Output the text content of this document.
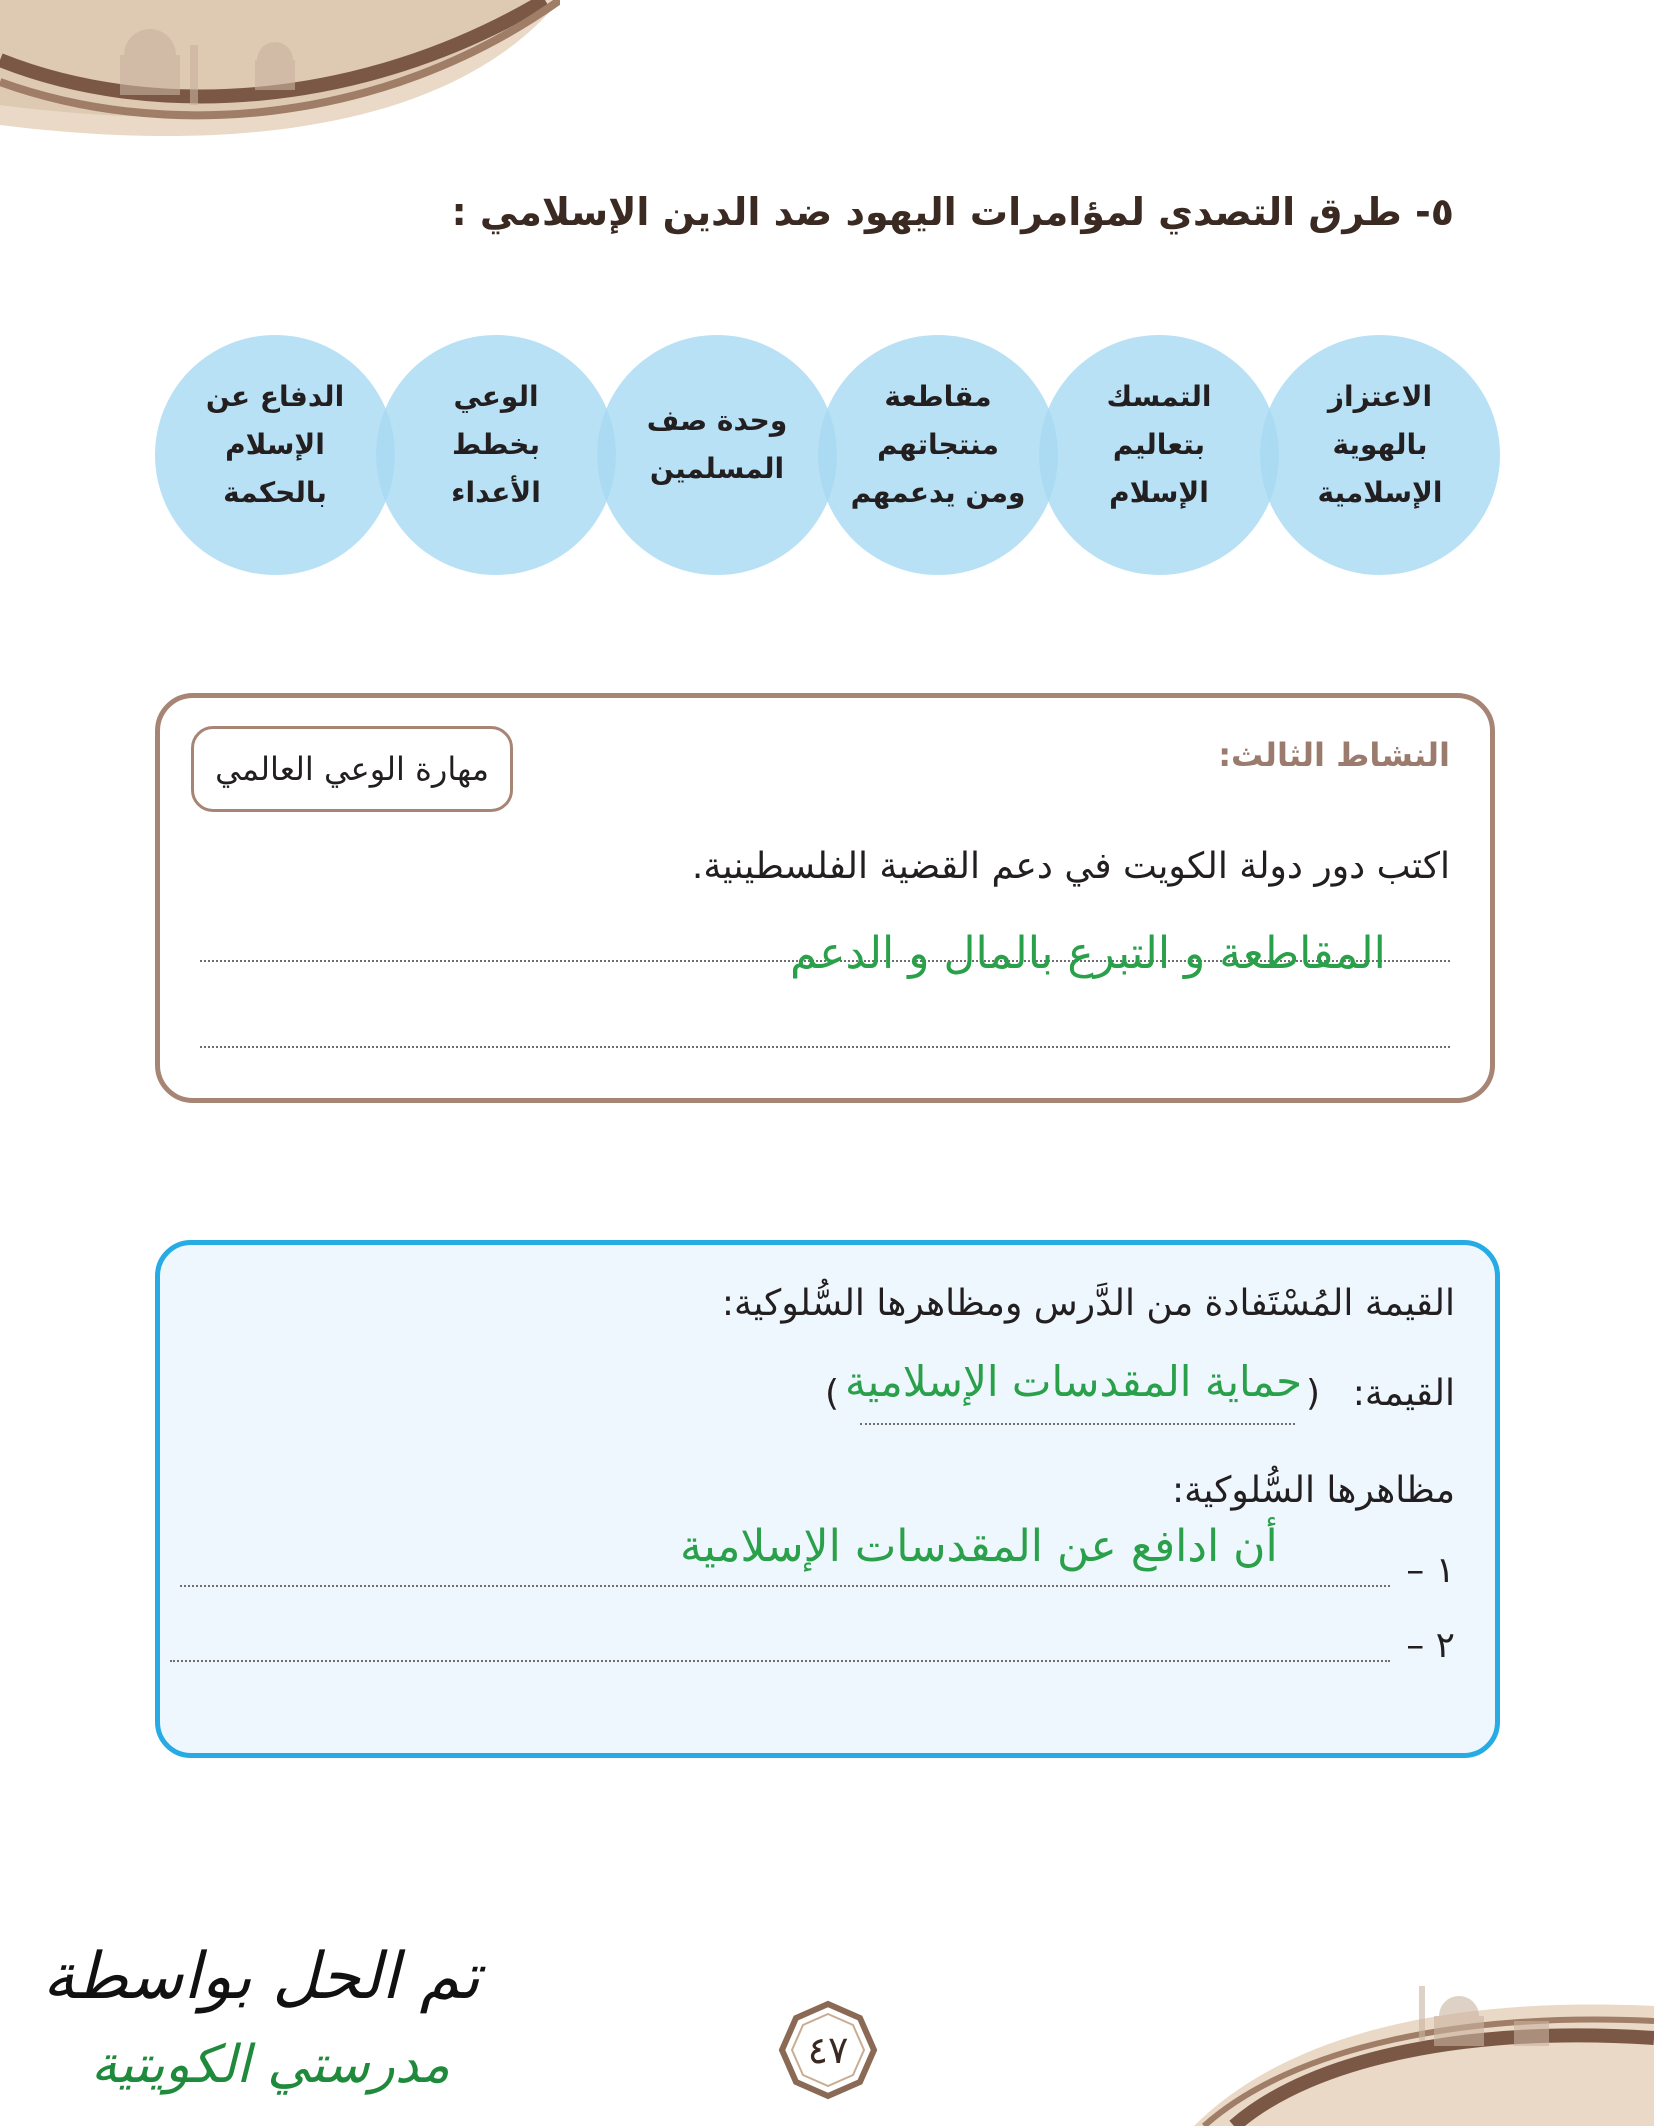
٥- طرق التصدي لمؤامرات اليهود ضد الدين الإسلامي :
الاعتزاز
بالهوية
الإسلامية
التمسك
بتعاليم
الإسلام
مقاطعة
منتجاتهم
ومن يدعمهم
وحدة صف
المسلمين
الوعي بخطط
الأعداء
الدفاع عن
الإسلام
بالحكمة
النشاط الثالث:
مهارة الوعي العالمي
اكتب دور دولة الكويت في دعم القضية الفلسطينية.
المقاطعة و التبرع بالمال و الدعم
القيمة المُسْتَفادة من الدَّرس ومظاهرها السُّلوكية:
القيمة:
(
حماية المقدسات الإسلامية
)
مظاهرها السُّلوكية:
١ –
أن ادافع عن المقدسات الإسلامية
٢ –
تم الحل بواسطة
مدرستي الكويتية	٤٧
